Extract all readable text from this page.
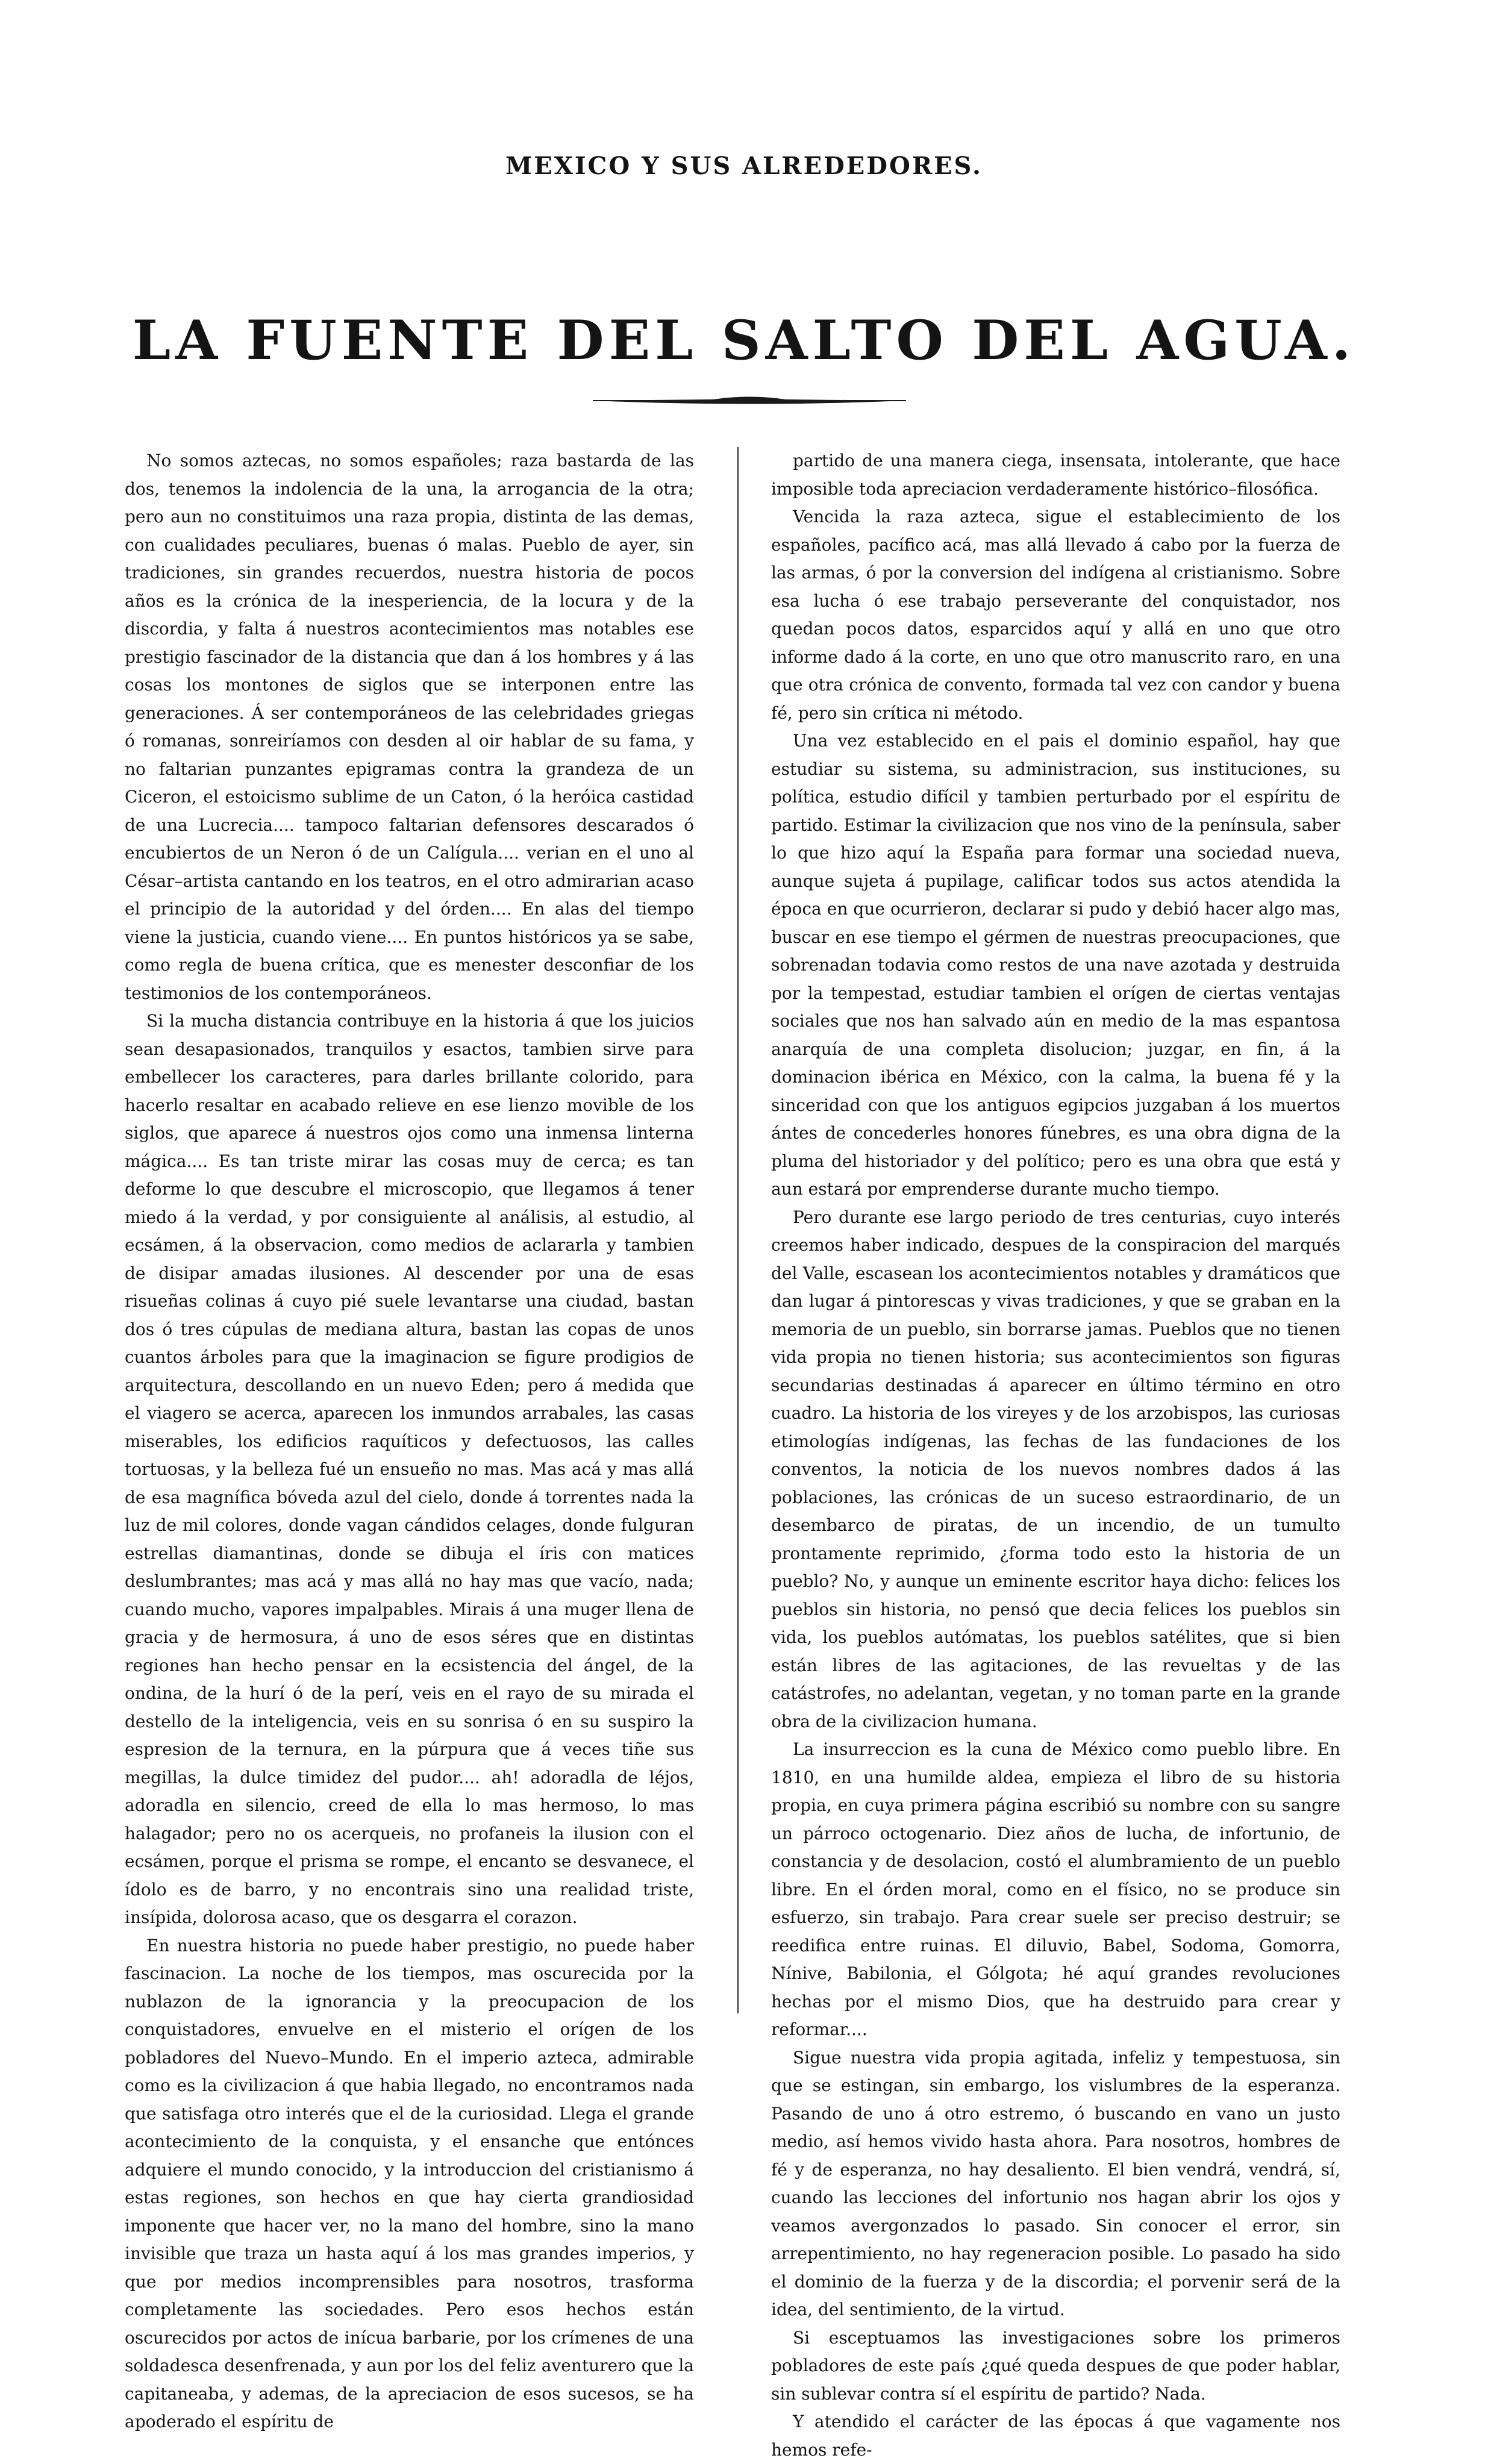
MEXICO Y SUS ALREDEDORES.
LA FUENTE DEL SALTO DEL AGUA.

No somos aztecas, no somos españoles; raza bastarda de las dos, tenemos la indolencia de la una, la arrogancia de la otra; pero aun no constituimos una raza propia, distinta de las demas, con cualidades peculiares, buenas ó malas. Pueblo de ayer, sin tradiciones, sin grandes recuerdos, nuestra historia de pocos años es la crónica de la inesperiencia, de la locura y de la discordia, y falta á nuestros acontecimientos mas notables ese prestigio fascinador de la distancia que dan á los hombres y á las cosas los montones de siglos que se interponen entre las generaciones. Á ser contemporáneos de las celebridades griegas ó romanas, sonreiríamos con desden al oir hablar de su fama, y no faltarian punzantes epigramas contra la grandeza de un Ciceron, el estoicismo sublime de un Caton, ó la heróica castidad de una Lucrecia.... tampoco faltarian defensores descarados ó encubiertos de un Neron ó de un Calígula.... verian en el uno al César–artista cantando en los teatros, en el otro admirarian acaso el principio de la autoridad y del órden.... En alas del tiempo viene la justicia, cuando viene.... En puntos históricos ya se sabe, como regla de buena crítica, que es menester desconfiar de los testimonios de los contemporáneos.

Si la mucha distancia contribuye en la historia á que los juicios sean desapasionados, tranquilos y esactos, tambien sirve para embellecer los caracteres, para darles brillante colorido, para hacerlo resaltar en acabado relieve en ese lienzo movible de los siglos, que aparece á nuestros ojos como una inmensa linterna mágica.... Es tan triste mirar las cosas muy de cerca; es tan deforme lo que descubre el microscopio, que llegamos á tener miedo á la verdad, y por consiguiente al análisis, al estudio, al ecsámen, á la observacion, como medios de aclararla y tambien de disipar amadas ilusiones. Al descender por una de esas risueñas colinas á cuyo pié suele levantarse una ciudad, bastan dos ó tres cúpulas de mediana altura, bastan las copas de unos cuantos árboles para que la imaginacion se figure prodigios de arquitectura, descollando en un nuevo Eden; pero á medida que el viagero se acerca, aparecen los inmundos arrabales, las casas miserables, los edificios raquíticos y defectuosos, las calles tortuosas, y la belleza fué un ensueño no mas. Mas acá y mas allá de esa magnífica bóveda azul del cielo, donde á torrentes nada la luz de mil colores, donde vagan cándidos celages, donde fulguran estrellas diamantinas, donde se dibuja el íris con matices deslumbrantes; mas acá y mas allá no hay mas que vacío, nada; cuando mucho, vapores impalpables. Mirais á una muger llena de gracia y de hermosura, á uno de esos séres que en distintas regiones han hecho pensar en la ecsistencia del ángel, de la ondina, de la hurí ó de la perí, veis en el rayo de su mirada el destello de la inteligencia, veis en su sonrisa ó en su suspiro la espresion de la ternura, en la púrpura que á veces tiñe sus megillas, la dulce timidez del pudor.... ah! adoradla de léjos, adoradla en silencio, creed de ella lo mas hermoso, lo mas halagador; pero no os acerqueis, no profaneis la ilusion con el ecsámen, porque el prisma se rompe, el encanto se desvanece, el ídolo es de barro, y no encontrais sino una realidad triste, insípida, dolorosa acaso, que os desgarra el corazon.

En nuestra historia no puede haber prestigio, no puede haber fascinacion. La noche de los tiempos, mas oscurecida por la nublazon de la ignorancia y la preocupacion de los conquistadores, envuelve en el misterio el orígen de los pobladores del Nuevo–Mundo. En el imperio azteca, admirable como es la civilizacion á que habia llegado, no encontramos nada que satisfaga otro interés que el de la curiosidad. Llega el grande acontecimiento de la conquista, y el ensanche que entónces adquiere el mundo conocido, y la introduccion del cristianismo á estas regiones, son hechos en que hay cierta grandiosidad imponente que hacer ver, no la mano del hombre, sino la mano invisible que traza un hasta aquí á los mas grandes imperios, y que por medios incomprensibles para nosotros, trasforma completamente las sociedades. Pero esos hechos están oscurecidos por actos de inícua barbarie, por los crímenes de una soldadesca desenfrenada, y aun por los del feliz aventurero que la capitaneaba, y ademas, de la apreciacion de esos sucesos, se ha apoderado el espíritu de

partido de una manera ciega, insensata, intolerante, que hace imposible toda apreciacion verdaderamente histórico–filosófica.

Vencida la raza azteca, sigue el establecimiento de los españoles, pacífico acá, mas allá llevado á cabo por la fuerza de las armas, ó por la conversion del indígena al cristianismo. Sobre esa lucha ó ese trabajo perseverante del conquistador, nos quedan pocos datos, esparcidos aquí y allá en uno que otro informe dado á la corte, en uno que otro manuscrito raro, en una que otra crónica de convento, formada tal vez con candor y buena fé, pero sin crítica ni método.

Una vez establecido en el pais el dominio español, hay que estudiar su sistema, su administracion, sus instituciones, su política, estudio difícil y tambien perturbado por el espíritu de partido. Estimar la civilizacion que nos vino de la península, saber lo que hizo aquí la España para formar una sociedad nueva, aunque sujeta á pupilage, calificar todos sus actos atendida la época en que ocurrieron, declarar si pudo y debió hacer algo mas, buscar en ese tiempo el gérmen de nuestras preocupaciones, que sobrenadan todavia como restos de una nave azotada y destruida por la tempestad, estudiar tambien el orígen de ciertas ventajas sociales que nos han salvado aún en medio de la mas espantosa anarquía de una completa disolucion; juzgar, en fin, á la dominacion ibérica en México, con la calma, la buena fé y la sinceridad con que los antiguos egipcios juzgaban á los muertos ántes de concederles honores fúnebres, es una obra digna de la pluma del historiador y del político; pero es una obra que está y aun estará por emprenderse durante mucho tiempo.

Pero durante ese largo periodo de tres centurias, cuyo interés creemos haber indicado, despues de la conspiracion del marqués del Valle, escasean los acontecimientos notables y dramáticos que dan lugar á pintorescas y vivas tradiciones, y que se graban en la memoria de un pueblo, sin borrarse jamas. Pueblos que no tienen vida propia no tienen historia; sus acontecimientos son figuras secundarias destinadas á aparecer en último término en otro cuadro. La historia de los vireyes y de los arzobispos, las curiosas etimologías indígenas, las fechas de las fundaciones de los conventos, la noticia de los nuevos nombres dados á las poblaciones, las crónicas de un suceso estraordinario, de un desembarco de piratas, de un incendio, de un tumulto prontamente reprimido, ¿forma todo esto la historia de un pueblo? No, y aunque un eminente escritor haya dicho: felices los pueblos sin historia, no pensó que decia felices los pueblos sin vida, los pueblos autómatas, los pueblos satélites, que si bien están libres de las agitaciones, de las revueltas y de las catástrofes, no adelantan, vegetan, y no toman parte en la grande obra de la civilizacion humana.

La insurreccion es la cuna de México como pueblo libre. En 1810, en una humilde aldea, empieza el libro de su historia propia, en cuya primera página escribió su nombre con su sangre un párroco octogenario. Diez años de lucha, de infortunio, de constancia y de desolacion, costó el alumbramiento de un pueblo libre. En el órden moral, como en el físico, no se produce sin esfuerzo, sin trabajo. Para crear suele ser preciso destruir; se reedifica entre ruinas. El diluvio, Babel, Sodoma, Gomorra, Nínive, Babilonia, el Gólgota; hé aquí grandes revoluciones hechas por el mismo Dios, que ha destruido para crear y reformar....

Sigue nuestra vida propia agitada, infeliz y tempestuosa, sin que se estingan, sin embargo, los vislumbres de la esperanza. Pasando de uno á otro estremo, ó buscando en vano un justo medio, así hemos vivido hasta ahora. Para nosotros, hombres de fé y de esperanza, no hay desaliento. El bien vendrá, vendrá, sí, cuando las lecciones del infortunio nos hagan abrir los ojos y veamos avergonzados lo pasado. Sin conocer el error, sin arrepentimiento, no hay regeneracion posible. Lo pasado ha sido el dominio de la fuerza y de la discordia; el porvenir será de la idea, del sentimiento, de la virtud.

Si esceptuamos las investigaciones sobre los primeros pobladores de este país ¿qué queda despues de que poder hablar, sin sublevar contra sí el espíritu de partido? Nada.

Y atendido el carácter de las épocas á que vagamente nos hemos refe-
